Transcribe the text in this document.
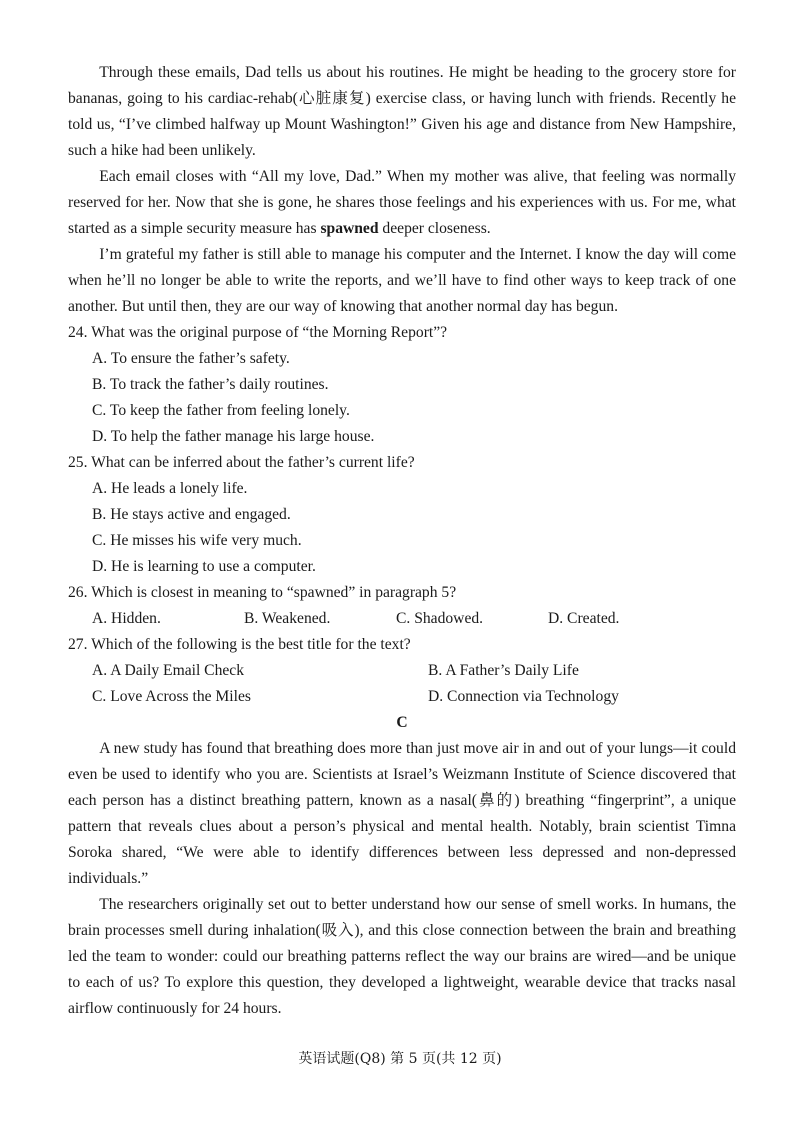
Through these emails, Dad tells us about his routines. He might be heading to the grocery store for bananas, going to his cardiac-rehab(心脏康复) exercise class, or having lunch with friends. Recently he told us, “I’ve climbed halfway up Mount Washington!” Given his age and distance from New Hampshire, such a hike had been unlikely.

Each email closes with “All my love, Dad.” When my mother was alive, that feeling was normally reserved for her. Now that she is gone, he shares those feelings and his experiences with us. For me, what started as a simple security measure has spawned deeper closeness.

I’m grateful my father is still able to manage his computer and the Internet. I know the day will come when he’ll no longer be able to write the reports, and we’ll have to find other ways to keep track of one another. But until then, they are our way of knowing that another normal day has begun.

24. What was the original purpose of “the Morning Report”?

A. To ensure the father’s safety.

B. To track the father’s daily routines.

C. To keep the father from feeling lonely.

D. To help the father manage his large house.

25. What can be inferred about the father’s current life?

A. He leads a lonely life.

B. He stays active and engaged.

C. He misses his wife very much.

D. He is learning to use a computer.

26. Which is closest in meaning to “spawned” in paragraph 5?

A. Hidden.	B. Weakened.	C. Shadowed.	D. Created.

27. Which of the following is the best title for the text?

A. A Daily Email Check	B. A Father’s Daily Life
C. Love Across the Miles	D. Connection via Technology

C

A new study has found that breathing does more than just move air in and out of your lungs—it could even be used to identify who you are. Scientists at Israel’s Weizmann Institute of Science discovered that each person has a distinct breathing pattern, known as a nasal(鼻的) breathing “fingerprint”, a unique pattern that reveals clues about a person’s physical and mental health. Notably, brain scientist Timna Soroka shared, “We were able to identify differences between less depressed and non-depressed individuals.”

The researchers originally set out to better understand how our sense of smell works. In humans, the brain processes smell during inhalation(吸入), and this close connection between the brain and breathing led the team to wonder: could our breathing patterns reflect the way our brains are wired—and be unique to each of us? To explore this question, they developed a lightweight, wearable device that tracks nasal airflow continuously for 24 hours.

英语试题(Q8) 第 5 页(共 12 页)
